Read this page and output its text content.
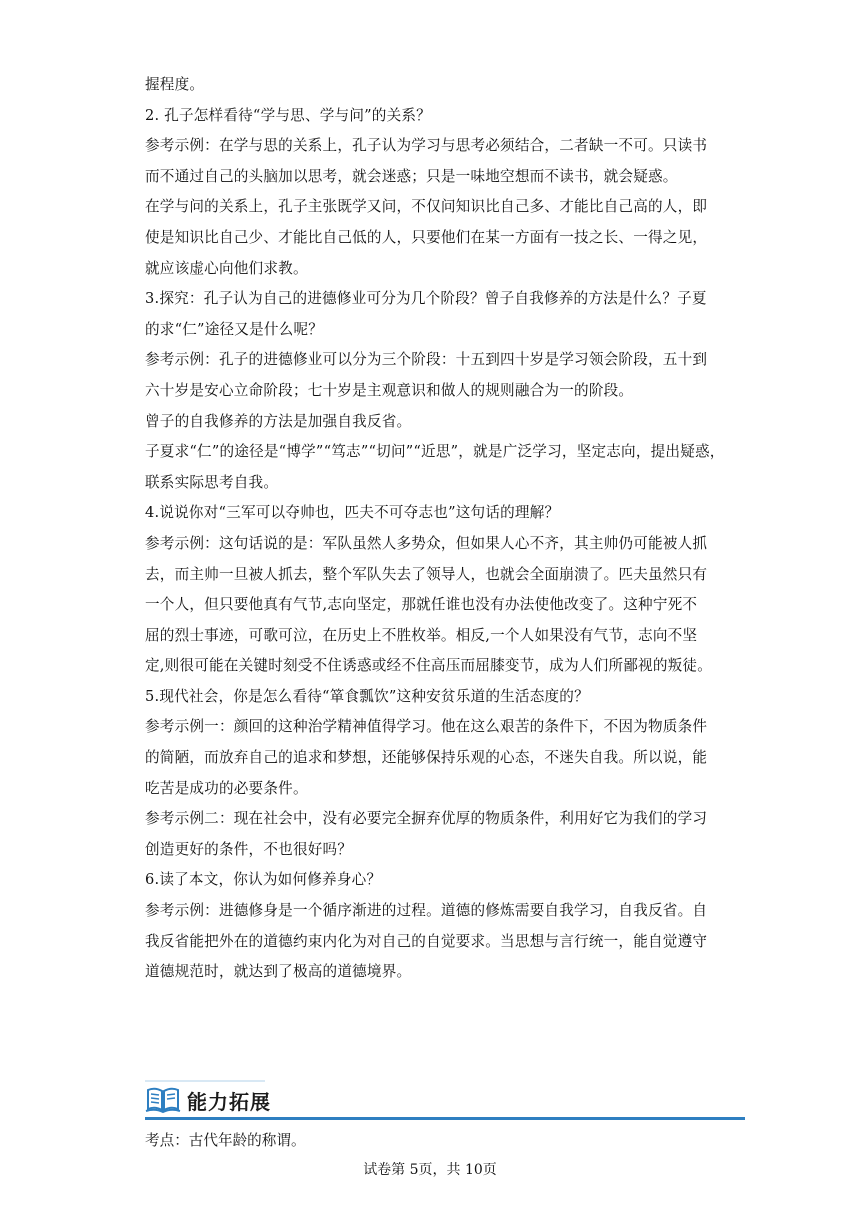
握程度。
2. 孔子怎样看待“学与思、学与问”的关系？
参考示例：在学与思的关系上，孔子认为学习与思考必须结合，二者缺一不可。只读书
而不通过自己的头脑加以思考，就会迷惑；只是一味地空想而不读书，就会疑惑。
在学与问的关系上，孔子主张既学又问，不仅问知识比自己多、才能比自己高的人，即
使是知识比自己少、才能比自己低的人，只要他们在某一方面有一技之长、一得之见，
就应该虚心向他们求教。
3.探究：孔子认为自己的进德修业可分为几个阶段？曾子自我修养的方法是什么？子夏
的求“仁”途径又是什么呢？
参考示例：孔子的进德修业可以分为三个阶段：十五到四十岁是学习领会阶段，五十到
六十岁是安心立命阶段；七十岁是主观意识和做人的规则融合为一的阶段。
曾子的自我修养的方法是加强自我反省。
子夏求“仁”的途径是“博学”“笃志”“切问”“近思”，就是广泛学习，坚定志向，提出疑惑，
联系实际思考自我。
4.说说你对“三军可以夺帅也，匹夫不可夺志也”这句话的理解？
参考示例：这句话说的是：军队虽然人多势众，但如果人心不齐，其主帅仍可能被人抓
去，而主帅一旦被人抓去，整个军队失去了领导人，也就会全面崩溃了。匹夫虽然只有
一个人，但只要他真有气节,志向坚定，那就任谁也没有办法使他改变了。这种宁死不
屈的烈士事迹，可歌可泣，在历史上不胜枚举。相反,一个人如果没有气节，志向不坚
定,则很可能在关键时刻受不住诱惑或经不住高压而屈膝变节，成为人们所鄙视的叛徒。
5.现代社会，你是怎么看待“箪食瓢饮”这种安贫乐道的生活态度的？
参考示例一：颜回的这种治学精神值得学习。他在这么艰苦的条件下，不因为物质条件
的简陋，而放弃自己的追求和梦想，还能够保持乐观的心态，不迷失自我。所以说，能
吃苦是成功的必要条件。
参考示例二：现在社会中，没有必要完全摒弃优厚的物质条件，利用好它为我们的学习
创造更好的条件，不也很好吗？
6.读了本文，你认为如何修养身心？
参考示例：进德修身是一个循序渐进的过程。道德的修炼需要自我学习，自我反省。自
我反省能把外在的道德约束内化为对自己的自觉要求。当思想与言行统一，能自觉遵守
道德规范时，就达到了极高的道德境界。
能力拓展
考点：古代年龄的称谓。
试卷第 5页，共 10页
